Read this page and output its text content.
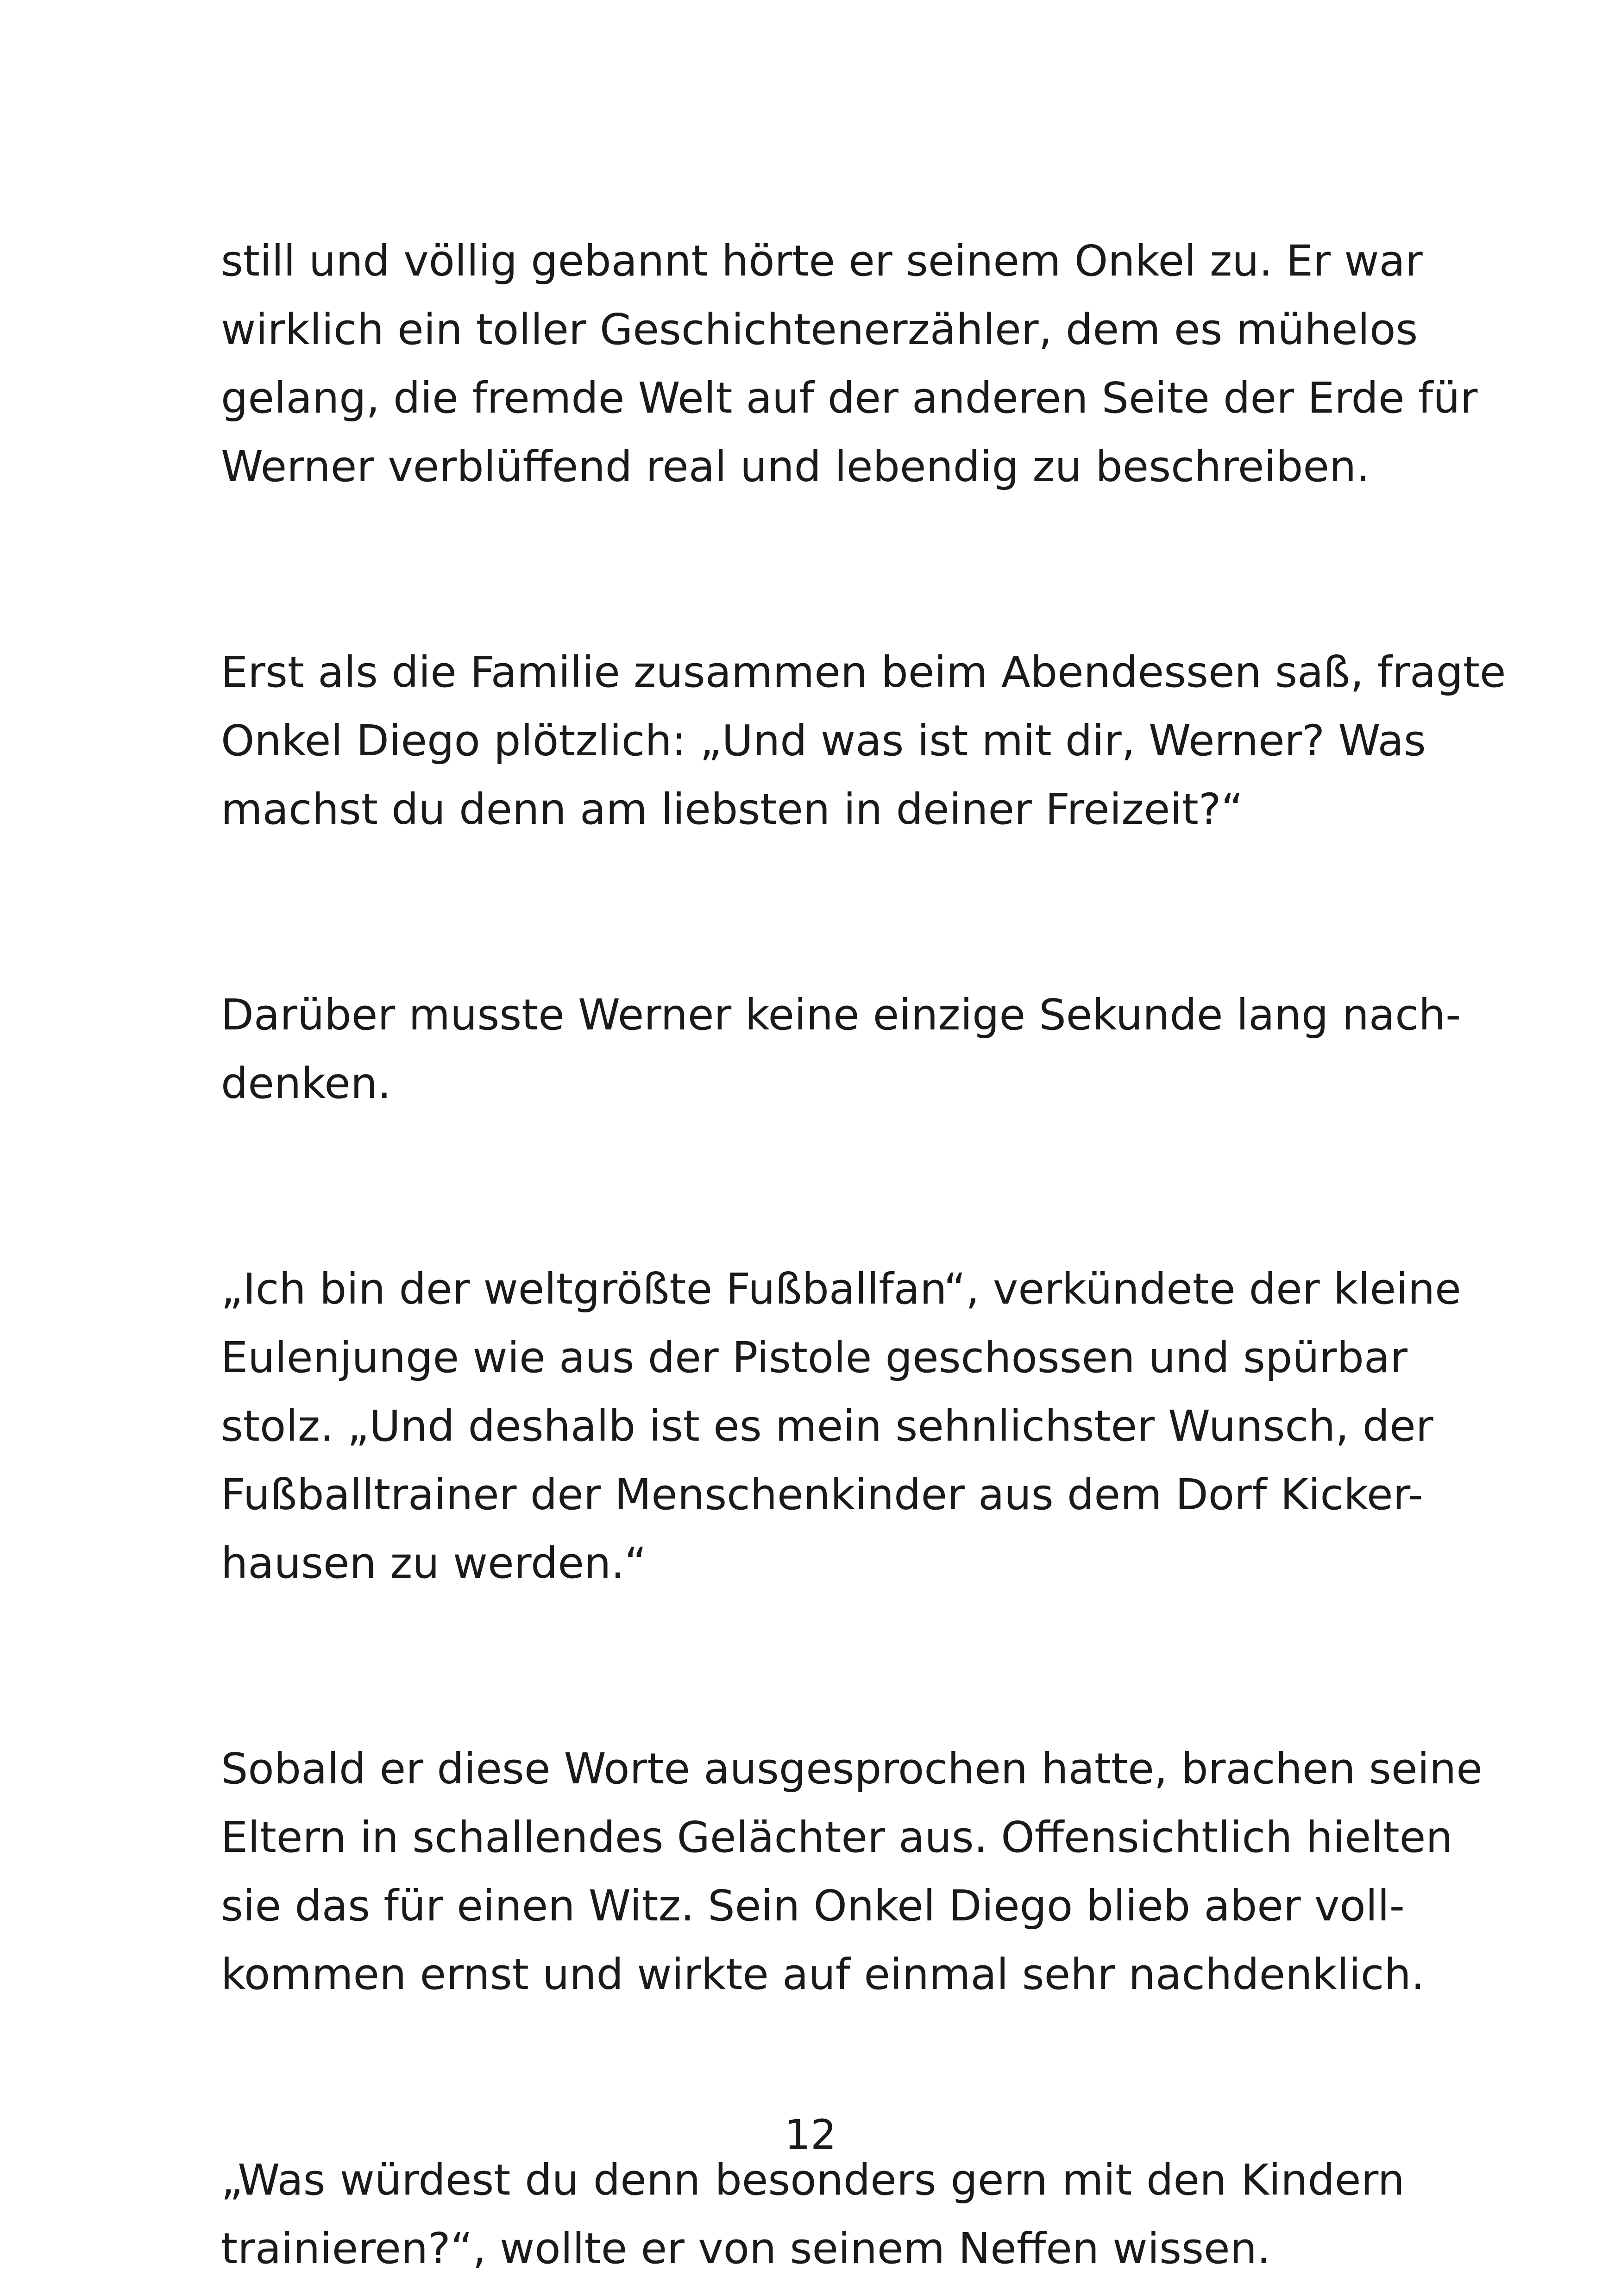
still und völlig gebannt hörte er seinem Onkel zu. Er war
wirklich ein toller Geschichtenerzähler, dem es mühelos
gelang, die fremde Welt auf der anderen Seite der Erde für
Werner verblüffend real und lebendig zu beschreiben.

Erst als die Familie zusammen beim Abendessen saß, fragte
Onkel Diego plötzlich: „Und was ist mit dir, Werner? Was
machst du denn am liebsten in deiner Freizeit?“

Darüber musste Werner keine einzige Sekunde lang nach-
denken.

„Ich bin der weltgrößte Fußballfan“, verkündete der kleine
Eulenjunge wie aus der Pistole geschossen und spürbar
stolz. „Und deshalb ist es mein sehnlichster Wunsch, der
Fußballtrainer der Menschenkinder aus dem Dorf Kicker-
hausen zu werden.“

Sobald er diese Worte ausgesprochen hatte, brachen seine
Eltern in schallendes Gelächter aus. Offensichtlich hielten
sie das für einen Witz. Sein Onkel Diego blieb aber voll-
kommen ernst und wirkte auf einmal sehr nachdenklich.

„Was würdest du denn besonders gern mit den Kindern
trainieren?“, wollte er von seinem Neffen wissen.

12
